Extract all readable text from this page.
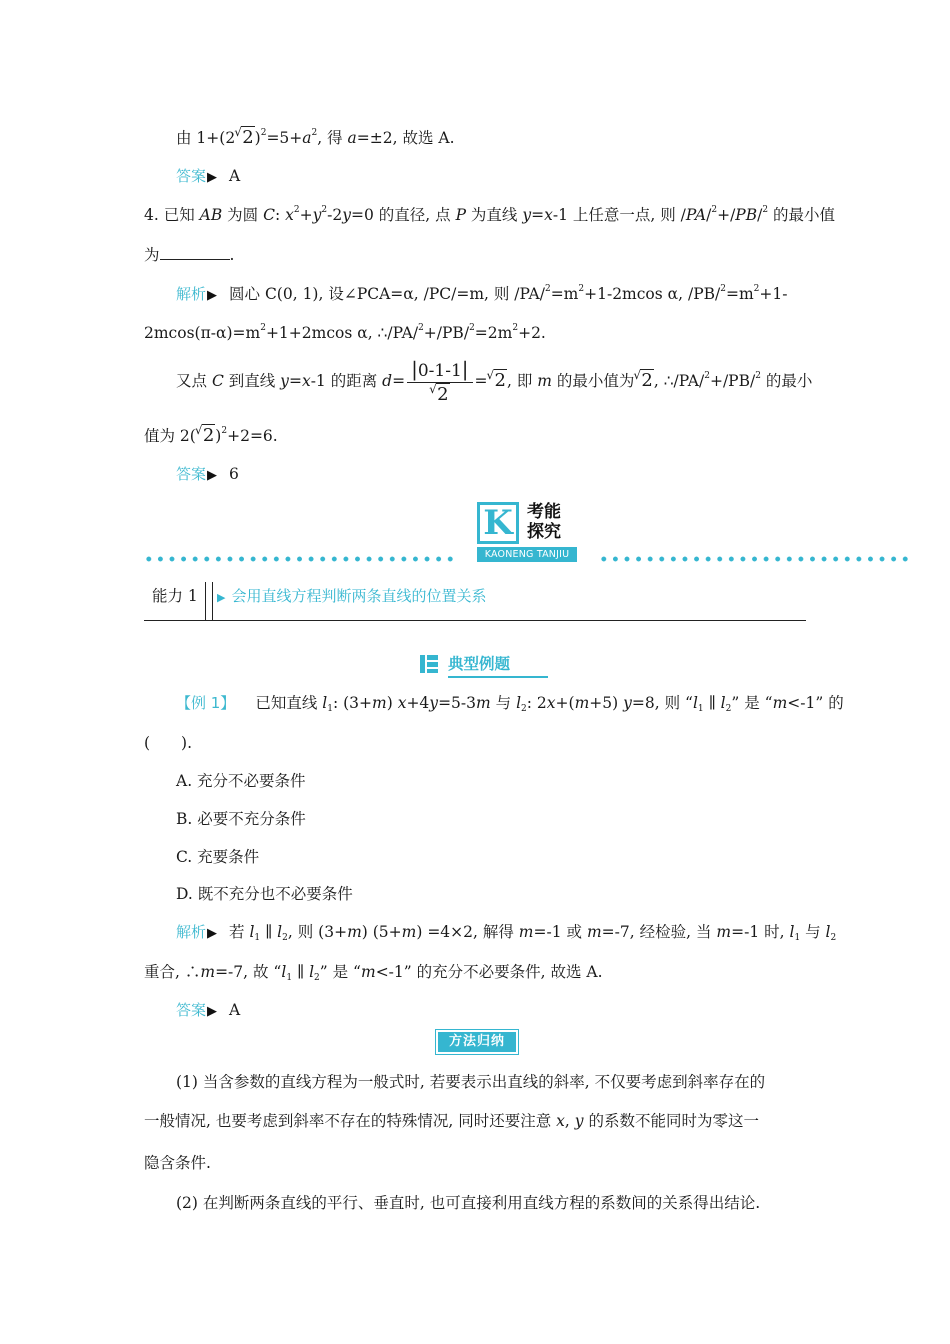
由 1+(2 √ $2)^2=5+a^2$, 得 a=±2, 故选 A.
答案▶ A
4. 已知 AB 为圆 C: $x^2+y^2-2y=0$ 的直径, 点 P 为直线 y=x-1 上任意一点, 则 /PA/$^2$+/PB/$^2$ 的最小值
为	.
解析▶ 圆心 C(0, 1), 设∠PCA=α, /PC/=m, 则 $/PA/^2=m^2+1-2mcos$ α, $/PB/^2=m^2+1-$
$2mcos(\pi-\alpha)=m^2+1+2mcos$ α, $\therefore/PA/^2+/PB/^2=2m^2+2$.
又点 C 到直线 y=x-1 的距离 $d= \frac{|0-1-1|}{√ 2}$ = √ 2, 即 m 的最小值为 √ 2, ∴/PA/$^2$+/PB/$^2$ 的最小
值为 2( √ 2)$^2$+2=6.
答案▶ 6
K 考能
探究
KAONENG TANJIU
能力 1	▶ 会用直线方程判断两条直线的位置关系
典型例题
【例 1】 已知直线 $l_1$: (3+m) x+4y=5-3m 与 $l_2$: 2x+(m+5) y=8, 则 “$l_1$ ∥ $l_2$” 是 “m<-1” 的
(　　).
A. 充分不必要条件
B. 必要不充分条件
C. 充要条件
D. 既不充分也不必要条件
解析▶ 若 $l_1$ ∥ $l_2$, 则 (3+m) (5+m) =4×2, 解得 m=-1 或 m=-7, 经检验, 当 m=-1 时, $l_1$ 与 $l_2$
重合, ∴m=-7, 故 “$l_1$ ∥ $l_2$” 是 “m<-1” 的充分不必要条件, 故选 A.
答案▶ A
方法归纳
(1) 当含参数的直线方程为一般式时, 若要表示出直线的斜率, 不仅要考虑到斜率存在的
一般情况, 也要考虑到斜率不存在的特殊情况, 同时还要注意 x, y 的系数不能同时为零这一
隐含条件.
(2) 在判断两条直线的平行、垂直时, 也可直接利用直线方程的系数间的关系得出结论.
